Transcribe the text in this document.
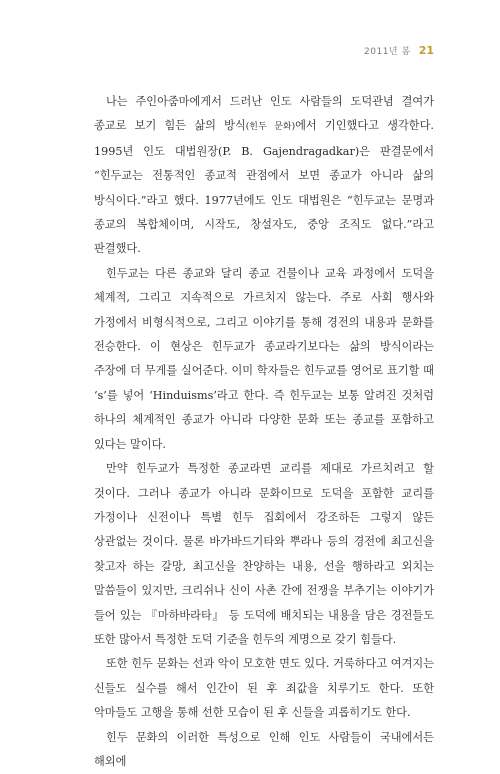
2011년 봄 21

나는 주인아줌마에게서 드러난 인도 사람들의 도덕관념 결여가 종교로 보기 힘든 삶의 방식(힌두 문화)에서 기인했다고 생각한다. 1995년 인도 대법원장(P. B. Gajendragadkar)은 판결문에서 “힌두교는 전통적인 종교적 관점에서 보면 종교가 아니라 삶의 방식이다.”라고 했다. 1977년에도 인도 대법원은 “힌두교는 문명과 종교의 복합체이며, 시작도, 창설자도, 중앙 조직도 없다.”라고 판결했다.

힌두교는 다른 종교와 달리 종교 건물이나 교육 과정에서 도덕을 체계적, 그리고 지속적으로 가르치지 않는다. 주로 사회 행사와 가정에서 비형식적으로, 그리고 이야기를 통해 경전의 내용과 문화를 전승한다. 이 현상은 힌두교가 종교라기보다는 삶의 방식이라는 주장에 더 무게를 실어준다. 이미 학자들은 힌두교를 영어로 표기할 때 ‘s’를 넣어 ‘Hinduisms’라고 한다. 즉 힌두교는 보통 알려진 것처럼 하나의 체계적인 종교가 아니라 다양한 문화 또는 종교를 포함하고 있다는 말이다.

만약 힌두교가 특정한 종교라면 교리를 제대로 가르치려고 할 것이다. 그러나 종교가 아니라 문화이므로 도덕을 포함한 교리를 가정이나 신전이나 특별 힌두 집회에서 강조하든 그렇지 않든 상관없는 것이다. 물론 바가바드기타와 뿌라나 등의 경전에 최고신을 찾고자 하는 갈망, 최고신을 찬양하는 내용, 선을 행하라고 외치는 말씀들이 있지만, 크리쉬나 신이 사촌 간에 전쟁을 부추기는 이야기가 들어 있는 『마하바라타』 등 도덕에 배치되는 내용을 담은 경전들도 또한 많아서 특정한 도덕 기준을 힌두의 계명으로 갖기 힘들다.

또한 힌두 문화는 선과 악이 모호한 면도 있다. 거룩하다고 여겨지는 신들도 실수를 해서 인간이 된 후 죄값을 치루기도 한다. 또한 악마들도 고행을 통해 선한 모습이 된 후 신들을 괴롭히기도 한다.

힌두 문화의 이러한 특성으로 인해 인도 사람들이 국내에서든 해외에
